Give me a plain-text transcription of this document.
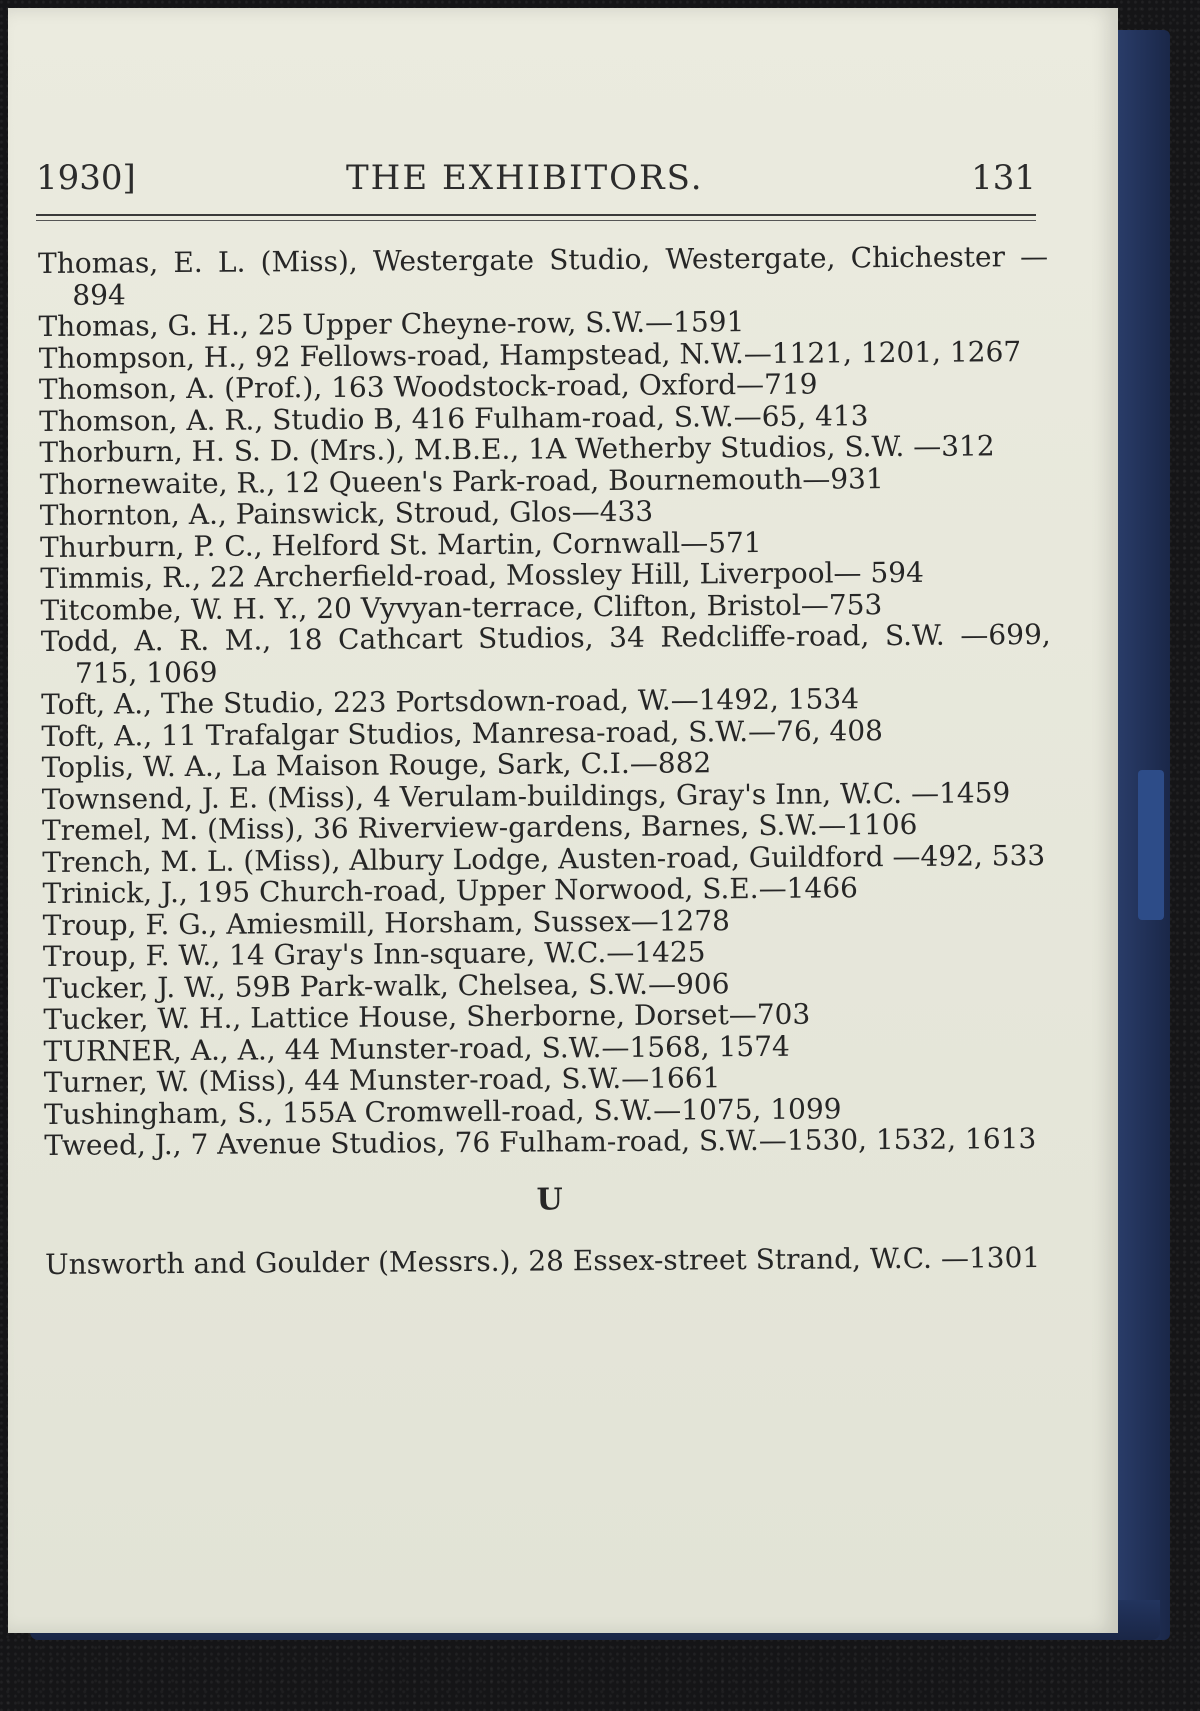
1930]	THE EXHIBITORS.	131

Thomas, E. L. (Miss), Westergate Studio, Westergate, Chichester —894

Thomas, G. H., 25 Upper Cheyne-row, S.W.—1591

Thompson, H., 92 Fellows-road, Hampstead, N.W.—1121, 1201, 1267

Thomson, A. (Prof.), 163 Woodstock-road, Oxford—719

Thomson, A. R., Studio B, 416 Fulham-road, S.W.—65, 413

Thorburn, H. S. D. (Mrs.), M.B.E., 1A Wetherby Studios, S.W. —312

Thornewaite, R., 12 Queen's Park-road, Bournemouth—931

Thornton, A., Painswick, Stroud, Glos—433

Thurburn, P. C., Helford St. Martin, Cornwall—571

Timmis, R., 22 Archerfield-road, Mossley Hill, Liverpool— 594

Titcombe, W. H. Y., 20 Vyvyan-terrace, Clifton, Bristol—753

Todd, A. R. M., 18 Cathcart Studios, 34 Redcliffe-road, S.W. —699, 715, 1069

Toft, A., The Studio, 223 Portsdown-road, W.—1492, 1534

Toft, A., 11 Trafalgar Studios, Manresa-road, S.W.—76, 408

Toplis, W. A., La Maison Rouge, Sark, C.I.—882

Townsend, J. E. (Miss), 4 Verulam-buildings, Gray's Inn, W.C. —1459

Tremel, M. (Miss), 36 Riverview-gardens, Barnes, S.W.—1106

Trench, M. L. (Miss), Albury Lodge, Austen-road, Guildford —492, 533

Trinick, J., 195 Church-road, Upper Norwood, S.E.—1466

Troup, F. G., Amiesmill, Horsham, Sussex—1278

Troup, F. W., 14 Gray's Inn-square, W.C.—1425

Tucker, J. W., 59B Park-walk, Chelsea, S.W.—906

Tucker, W. H., Lattice House, Sherborne, Dorset—703

TURNER, A., A., 44 Munster-road, S.W.—1568, 1574

Turner, W. (Miss), 44 Munster-road, S.W.—1661

Tushingham, S., 155A Cromwell-road, S.W.—1075, 1099

Tweed, J., 7 Avenue Studios, 76 Fulham-road, S.W.—1530, 1532, 1613

U

Unsworth and Goulder (Messrs.), 28 Essex-street Strand, W.C. —1301
